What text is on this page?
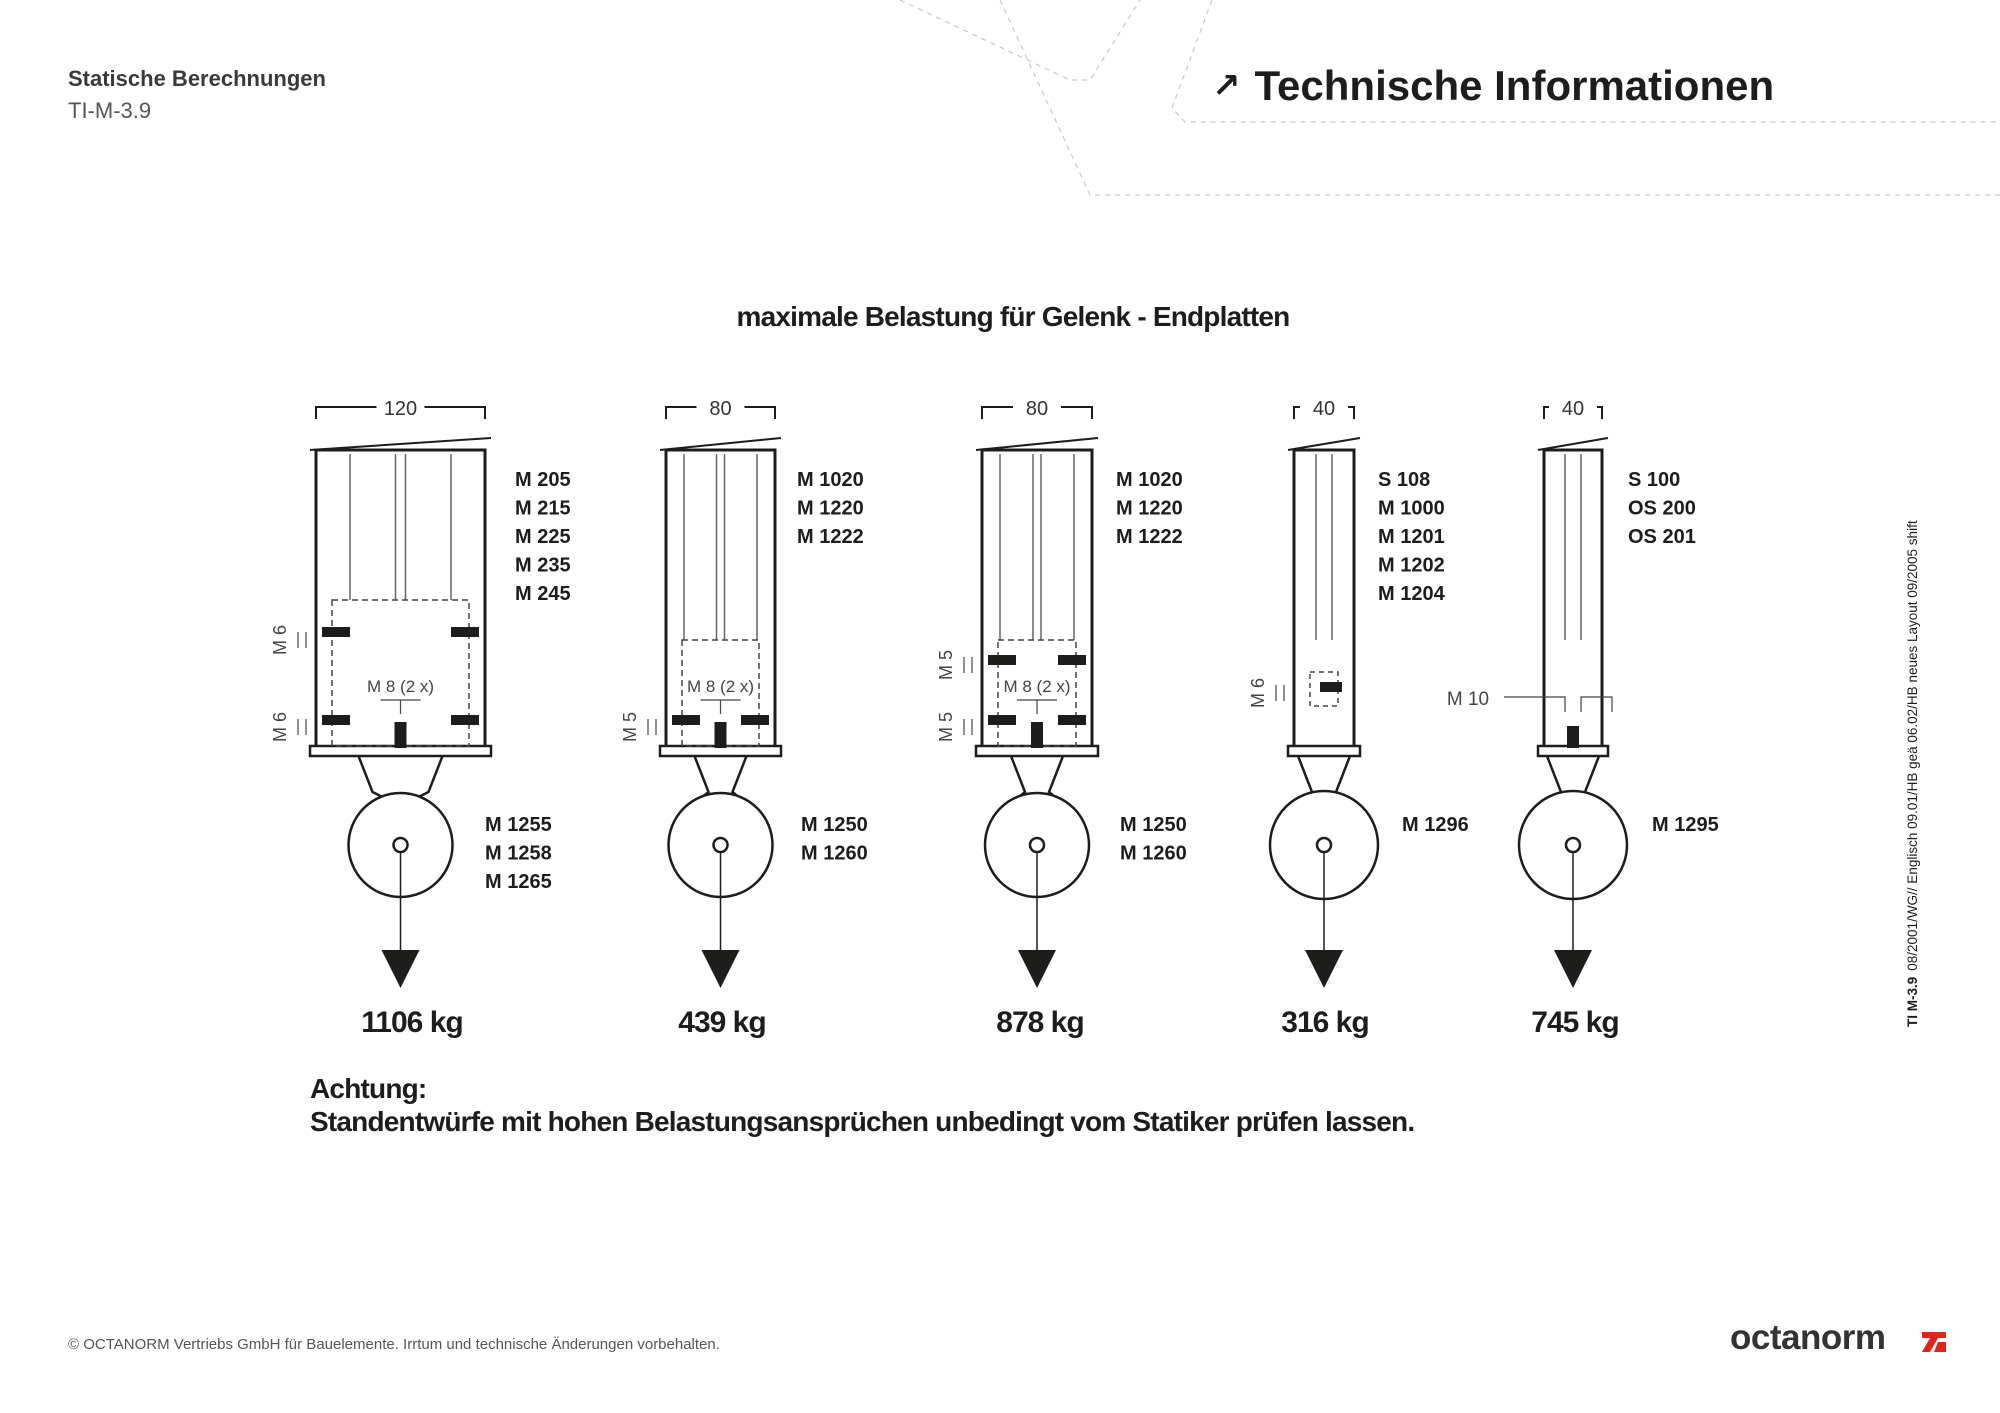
Statische Berechnungen
TI-M-3.9
↗ Technische Informationen
maximale Belastung für Gelenk - Endplatten
120
M 8 (2 x)
M 6
M 6
1106 kg
M 205
M 215
M 225
M 235
M 245
M 1255
M 1258
M 1265
80
M 8 (2 x)
M 5
439 kg
M 1020
M 1220
M 1222
M 1250
M 1260
80
M 8 (2 x)
M 5
M 5
878 kg
M 1020
M 1220
M 1222
M 1250
M 1260
40
M 6
316 kg
S 108
M 1000
M 1201
M 1202
M 1204
M 1296
40
M 10
745 kg
S 100
OS 200
OS 201
M 1295
Achtung:
Standentwürfe mit hohen Belastungsansprüchen unbedingt vom Statiker prüfen lassen.
TI M-3.908/2001/WG// Englisch 09.01/HB geä 06.02/HB neues Layout 09/2005 shift
© OCTANORM Vertriebs GmbH für Bauelemente. Irrtum und technische Änderungen vorbehalten.	octanorm
